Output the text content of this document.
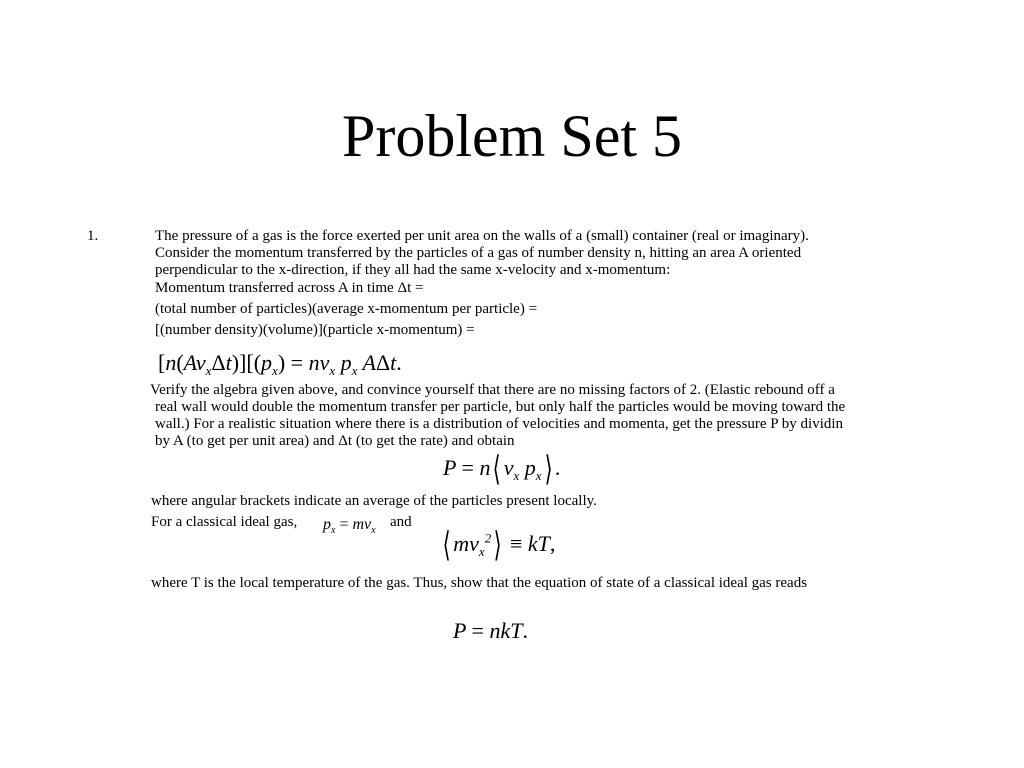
Problem Set 5
1.	The pressure of a gas is the force exerted per unit area on the walls of a (small) container (real or imaginary).
Consider the momentum transferred by the particles of a gas of number density n, hitting an area A oriented
perpendicular to the x-direction, if they all had the same x-velocity and x-momentum:
Momentum transferred across A in time Δt =
(total number of particles)(average x-momentum per particle) =
[(number density)(volume)](particle x-momentum) =
$[n(Av_x\Delta t)][(p_x) = nv_x$ $p_x$ AΔt.
Verify the algebra given above, and convince yourself that there are no missing factors of 2. (Elastic rebound off a
real wall would double the momentum transfer per particle, but only half the particles would be moving toward the
wall.) For a realistic situation where there is a distribution of velocities and momenta, get the pressure P by dividin
by A (to get per unit area) and Δt (to get the rate) and obtain
P = n⟨ $v_x$ $p_x⟩$ .
where angular brackets indicate an average of the particles present locally.
For a classical ideal gas, $p_x = mv_x$
and
⟨ $mv_x^2⟩$ ≡ kT,
where T is the local temperature of the gas. Thus, show that the equation of state of a classical ideal gas reads
P = nkT.
